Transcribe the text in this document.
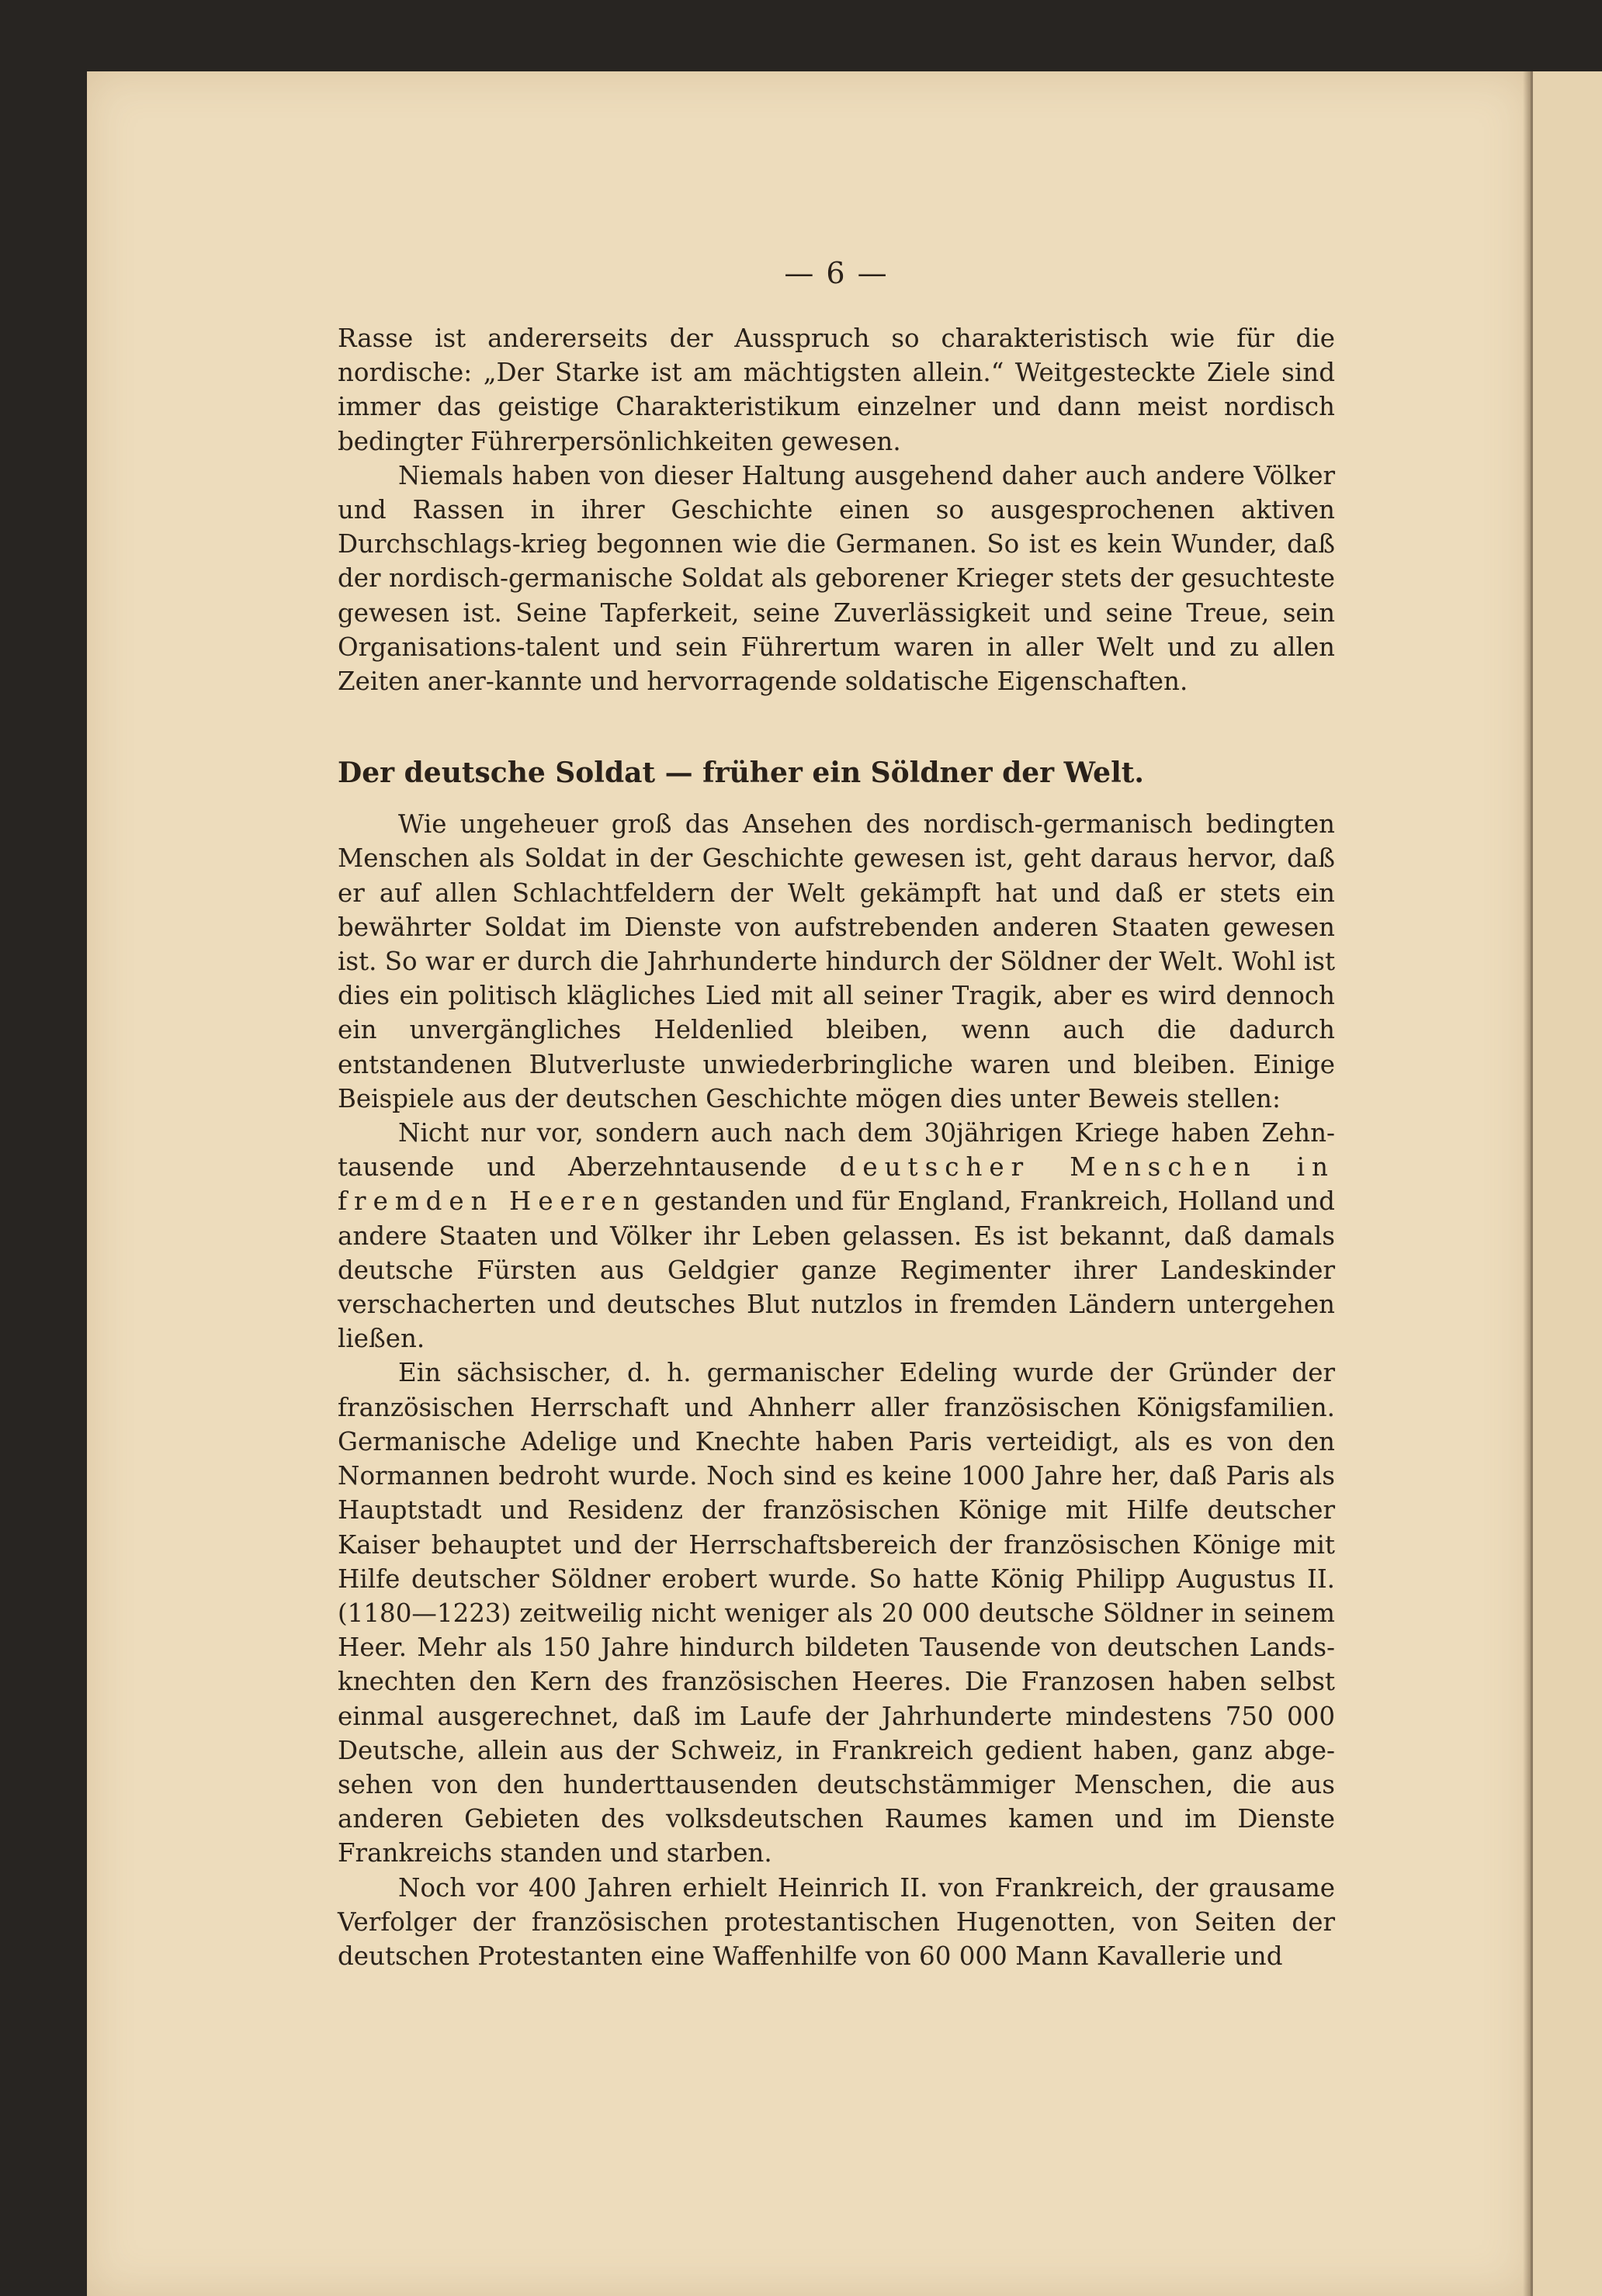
— 6 —

Rasse ist andererseits der Ausspruch so charakteristisch wie für die nordische: „Der Starke ist am mächtigsten allein.“ Weitgesteckte Ziele sind immer das geistige Charakteristikum einzelner und dann meist nordisch bedingter Führerpersönlichkeiten gewesen.

Niemals haben von dieser Haltung ausgehend daher auch andere Völker und Rassen in ihrer Geschichte einen so ausgesprochenen aktiven Durchschlags-krieg begonnen wie die Germanen. So ist es kein Wunder, daß der nordisch-germanische Soldat als geborener Krieger stets der gesuchteste gewesen ist. Seine Tapferkeit, seine Zuverlässigkeit und seine Treue, sein Organisations-talent und sein Führertum waren in aller Welt und zu allen Zeiten aner-kannte und hervorragende soldatische Eigenschaften.

Der deutsche Soldat — früher ein Söldner der Welt.

Wie ungeheuer groß das Ansehen des nordisch-germanisch bedingten Menschen als Soldat in der Geschichte gewesen ist, geht daraus hervor, daß er auf allen Schlachtfeldern der Welt gekämpft hat und daß er stets ein bewährter Soldat im Dienste von aufstrebenden anderen Staaten gewesen ist. So war er durch die Jahrhunderte hindurch der Söldner der Welt. Wohl ist dies ein politisch klägliches Lied mit all seiner Tragik, aber es wird dennoch ein unvergängliches Heldenlied bleiben, wenn auch die dadurch entstandenen Blutverluste unwiederbringliche waren und bleiben. Einige Beispiele aus der deutschen Geschichte mögen dies unter Beweis stellen:

Nicht nur vor, sondern auch nach dem 30jährigen Kriege haben Zehn-tausende und Aberzehntausende deutscher Menschen in fremden Heeren gestanden und für England, Frankreich, Holland und andere Staaten und Völker ihr Leben gelassen. Es ist bekannt, daß damals deutsche Fürsten aus Geldgier ganze Regimenter ihrer Landeskinder verschacherten und deutsches Blut nutzlos in fremden Ländern untergehen ließen.

Ein sächsischer, d. h. germanischer Edeling wurde der Gründer der französischen Herrschaft und Ahnherr aller französischen Königsfamilien. Germanische Adelige und Knechte haben Paris verteidigt, als es von den Normannen bedroht wurde. Noch sind es keine 1000 Jahre her, daß Paris als Hauptstadt und Residenz der französischen Könige mit Hilfe deutscher Kaiser behauptet und der Herrschaftsbereich der französischen Könige mit Hilfe deutscher Söldner erobert wurde. So hatte König Philipp Augustus II. (1180—1223) zeitweilig nicht weniger als 20 000 deutsche Söldner in seinem Heer. Mehr als 150 Jahre hindurch bildeten Tausende von deutschen Lands-knechten den Kern des französischen Heeres. Die Franzosen haben selbst einmal ausgerechnet, daß im Laufe der Jahrhunderte mindestens 750 000 Deutsche, allein aus der Schweiz, in Frankreich gedient haben, ganz abge-sehen von den hunderttausenden deutschstämmiger Menschen, die aus anderen Gebieten des volksdeutschen Raumes kamen und im Dienste Frankreichs standen und starben.

Noch vor 400 Jahren erhielt Heinrich II. von Frankreich, der grausame Verfolger der französischen protestantischen Hugenotten, von Seiten der deutschen Protestanten eine Waffenhilfe von 60 000 Mann Kavallerie und
